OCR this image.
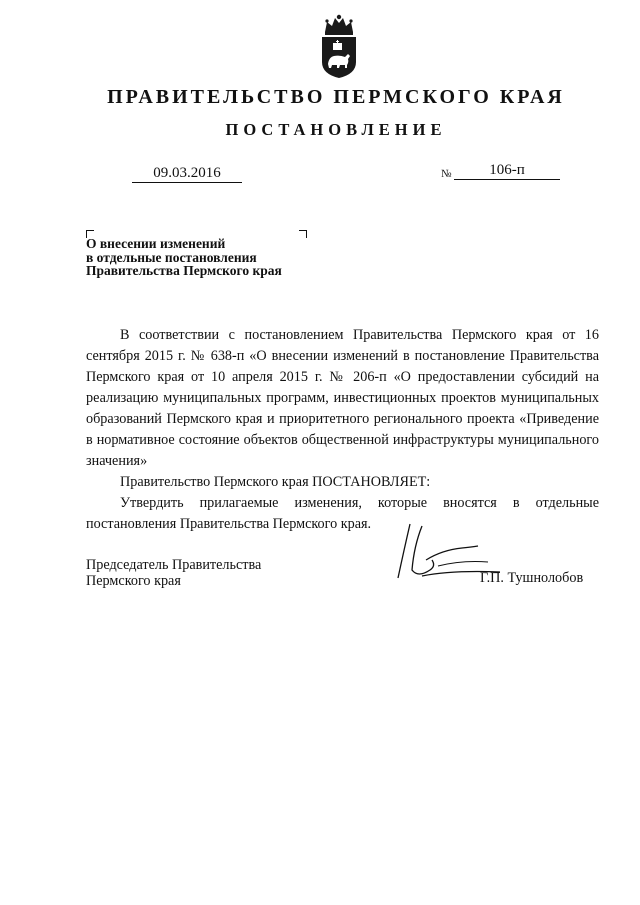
ПРАВИТЕЛЬСТВО ПЕРМСКОГО КРАЯ
ПОСТАНОВЛЕНИЕ
09.03.2016	№	106-п
О внесении изменений
в отдельные постановления
Правительства Пермского края

В соответствии с постановлением Правительства Пермского края от 16 сентября 2015 г. № 638-п «О внесении изменений в постановление Правительства Пермского края от 10 апреля 2015 г. № 206-п «О предоставлении субсидий на реализацию муниципальных программ, инвестиционных проектов муниципальных образований Пермского края и приоритетного регионального проекта «Приведение в нормативное состояние объектов общественной инфраструктуры муниципального значения»

Правительство Пермского края ПОСТАНОВЛЯЕТ:

Утвердить прилагаемые изменения, которые вносятся в отдельные постановления Правительства Пермского края.

Председатель Правительства
Пермского края	Г.П. Тушнолобов
